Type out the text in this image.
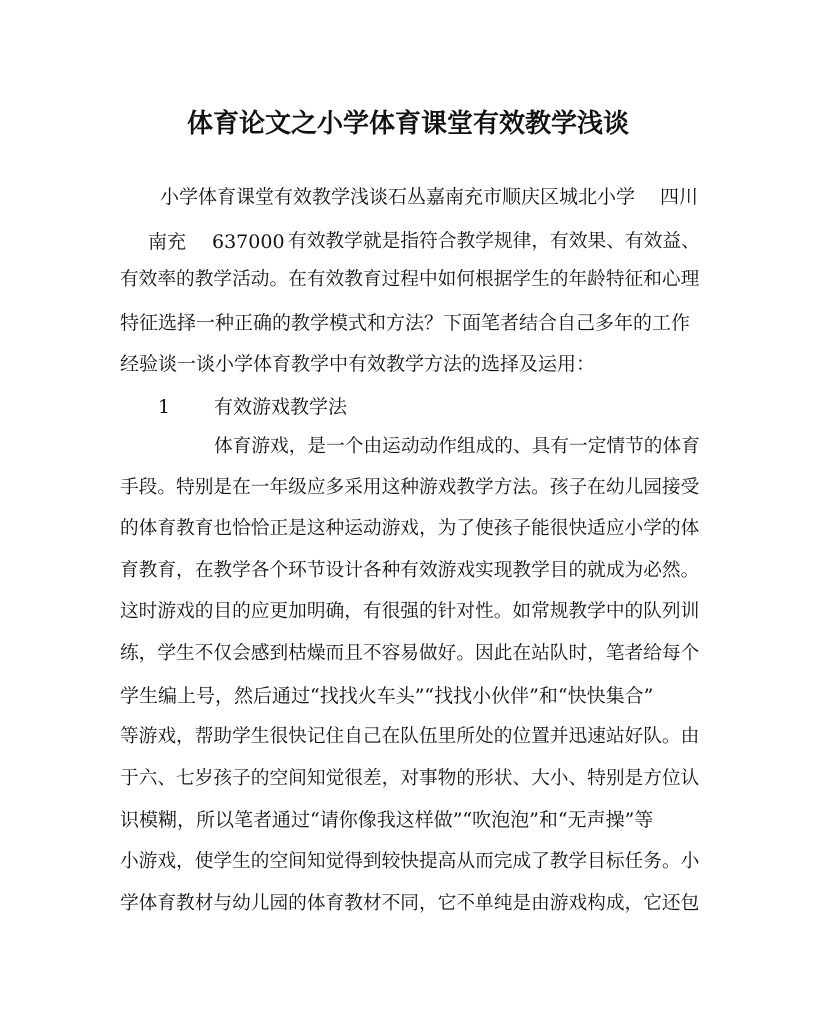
体育论文之小学体育课堂有效教学浅谈
小学体育课堂有效教学浅谈石丛嘉南充市顺庆区城北小学 四川
南充 637000 有效教学就是指符合教学规律，有效果、有效益、
有效率的教学活动。在有效教育过程中如何根据学生的年龄特征和心理
特征选择一种正确的教学模式和方法？下面笔者结合自己多年的工作
经验谈一谈小学体育教学中有效教学方法的选择及运用：
1 有效游戏教学法
体育游戏，是一个由运动动作组成的、具有一定情节的体育
手段。特别是在一年级应多采用这种游戏教学方法。孩子在幼儿园接受
的体育教育也恰恰正是这种运动游戏，为了使孩子能很快适应小学的体
育教育，在教学各个环节设计各种有效游戏实现教学目的就成为必然。
这时游戏的目的应更加明确，有很强的针对性。如常规教学中的队列训
练，学生不仅会感到枯燥而且不容易做好。因此在站队时，笔者给每个
学生编上号，然后通过“找找火车头”“找找小伙伴”和“快快集合”
等游戏，帮助学生很快记住自己在队伍里所处的位置并迅速站好队。由
于六、七岁孩子的空间知觉很差，对事物的形状、大小、特别是方位认
识模糊，所以笔者通过“请你像我这样做”“吹泡泡”和“无声操”等
小游戏，使学生的空间知觉得到较快提高从而完成了教学目标任务。小
学体育教材与幼儿园的体育教材不同，它不单纯是由游戏构成，它还包
